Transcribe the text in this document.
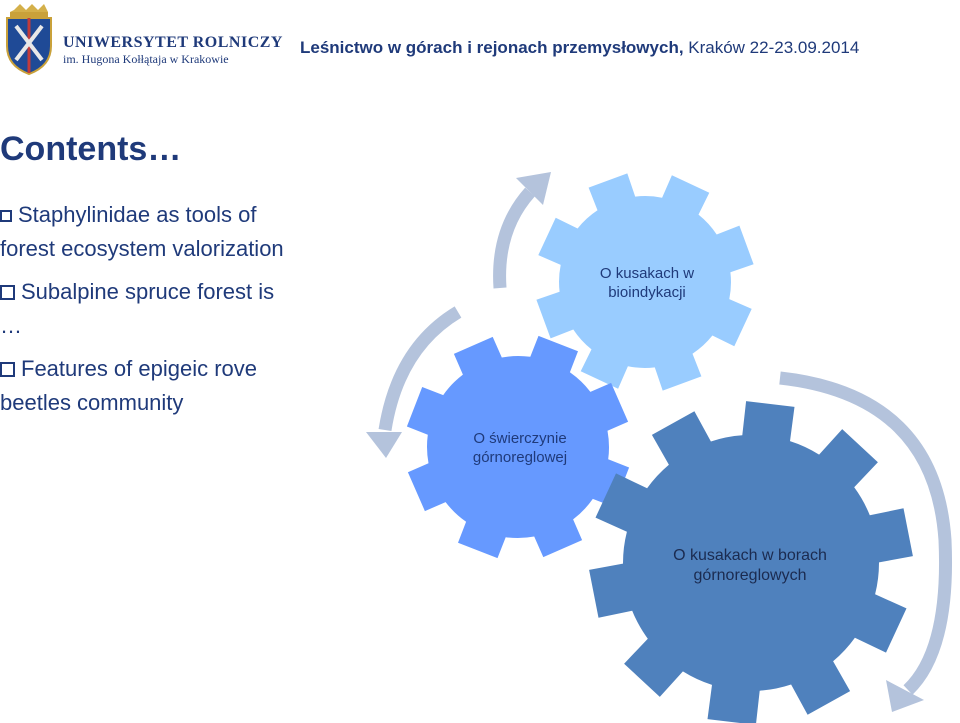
UNIWERSYTET ROLNICZY
im. Hugona Kołłątaja w Krakowie
Leśnictwo w górach i rejonach przemysłowych, Kraków 22-23.09.2014
Contents…
Staphylinidae as tools of forest ecosystem valorization
Subalpine spruce forest is …
Features of epigeic rove beetles community
O kusakach w bioindykacji
O świerczynie górnoreglowej
O kusakach w borach górnoreglowych
